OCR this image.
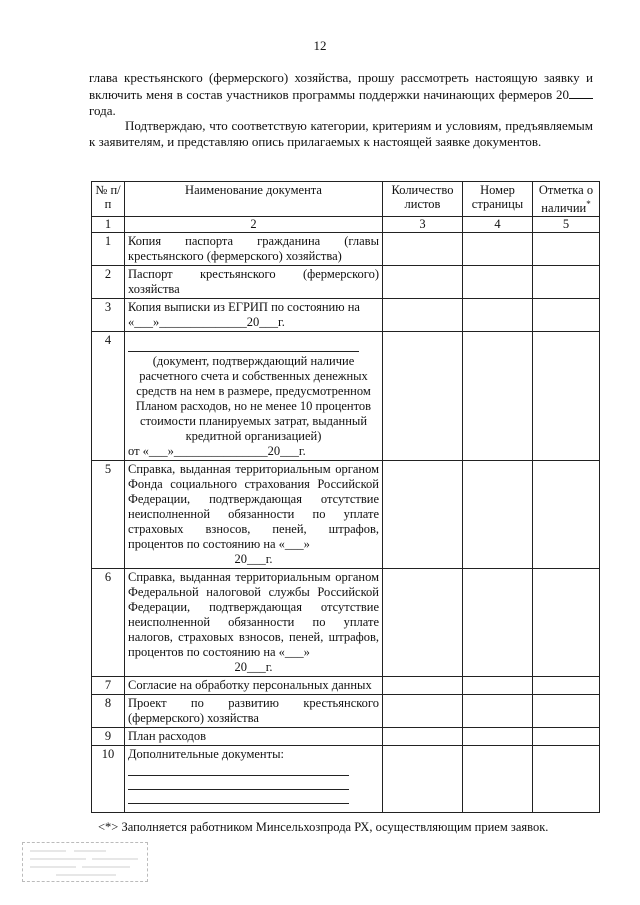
12
глава крестьянского (фермерского) хозяйства, прошу рассмотреть настоящую заявку и включить меня в состав участников программы поддержки начинающих фермеров 20 года.
Подтверждаю, что соответствую категории, критериям и условиям, предъявляемым к заявителям, и представляю опись прилагаемых к настоящей заявке документов.
№ п/п	Наименование документа	Количество листов	Номер страницы	Отметка о наличии*
1	2	3	4	5
1	Копия паспорта гражданина (главы крестьянского (фермерского) хозяйства)			
2	Паспорт крестьянского (фермерского) хозяйства			
3	Копия выписки из ЕГРИП по состоянию на
«___»______________20___г.			
4	(документ, подтверждающий наличие расчетного счета и собственных денежных средств на нем в размере, предусмотренном Планом расходов, но не менее 10 процентов стоимости планируемых затрат, выданный кредитной организацией)
от «___»_______________20___г.			
5	Справка, выданная территориальным органом Фонда социального страхования Российской Федерации, подтверждающая отсутствие неисполненной обязанности по уплате страховых взносов, пеней, штрафов, процентов по состоянию на «___»
20___г.			

6	Справка, выданная территориальным органом Федеральной налоговой службы Российской Федерации, подтверждающая отсутствие неисполненной обязанности по уплате налогов, страховых взносов, пеней, штрафов, процентов по состоянию на «___»
20___г.			

7	Согласие на обработку персональных данных			
8	Проект по развитию крестьянского (фермерского) хозяйства			
9	План расходов			
10	Дополнительные документы:

<*> Заполняется работником Минсельхозпрода РХ, осуществляющим прием заявок.
